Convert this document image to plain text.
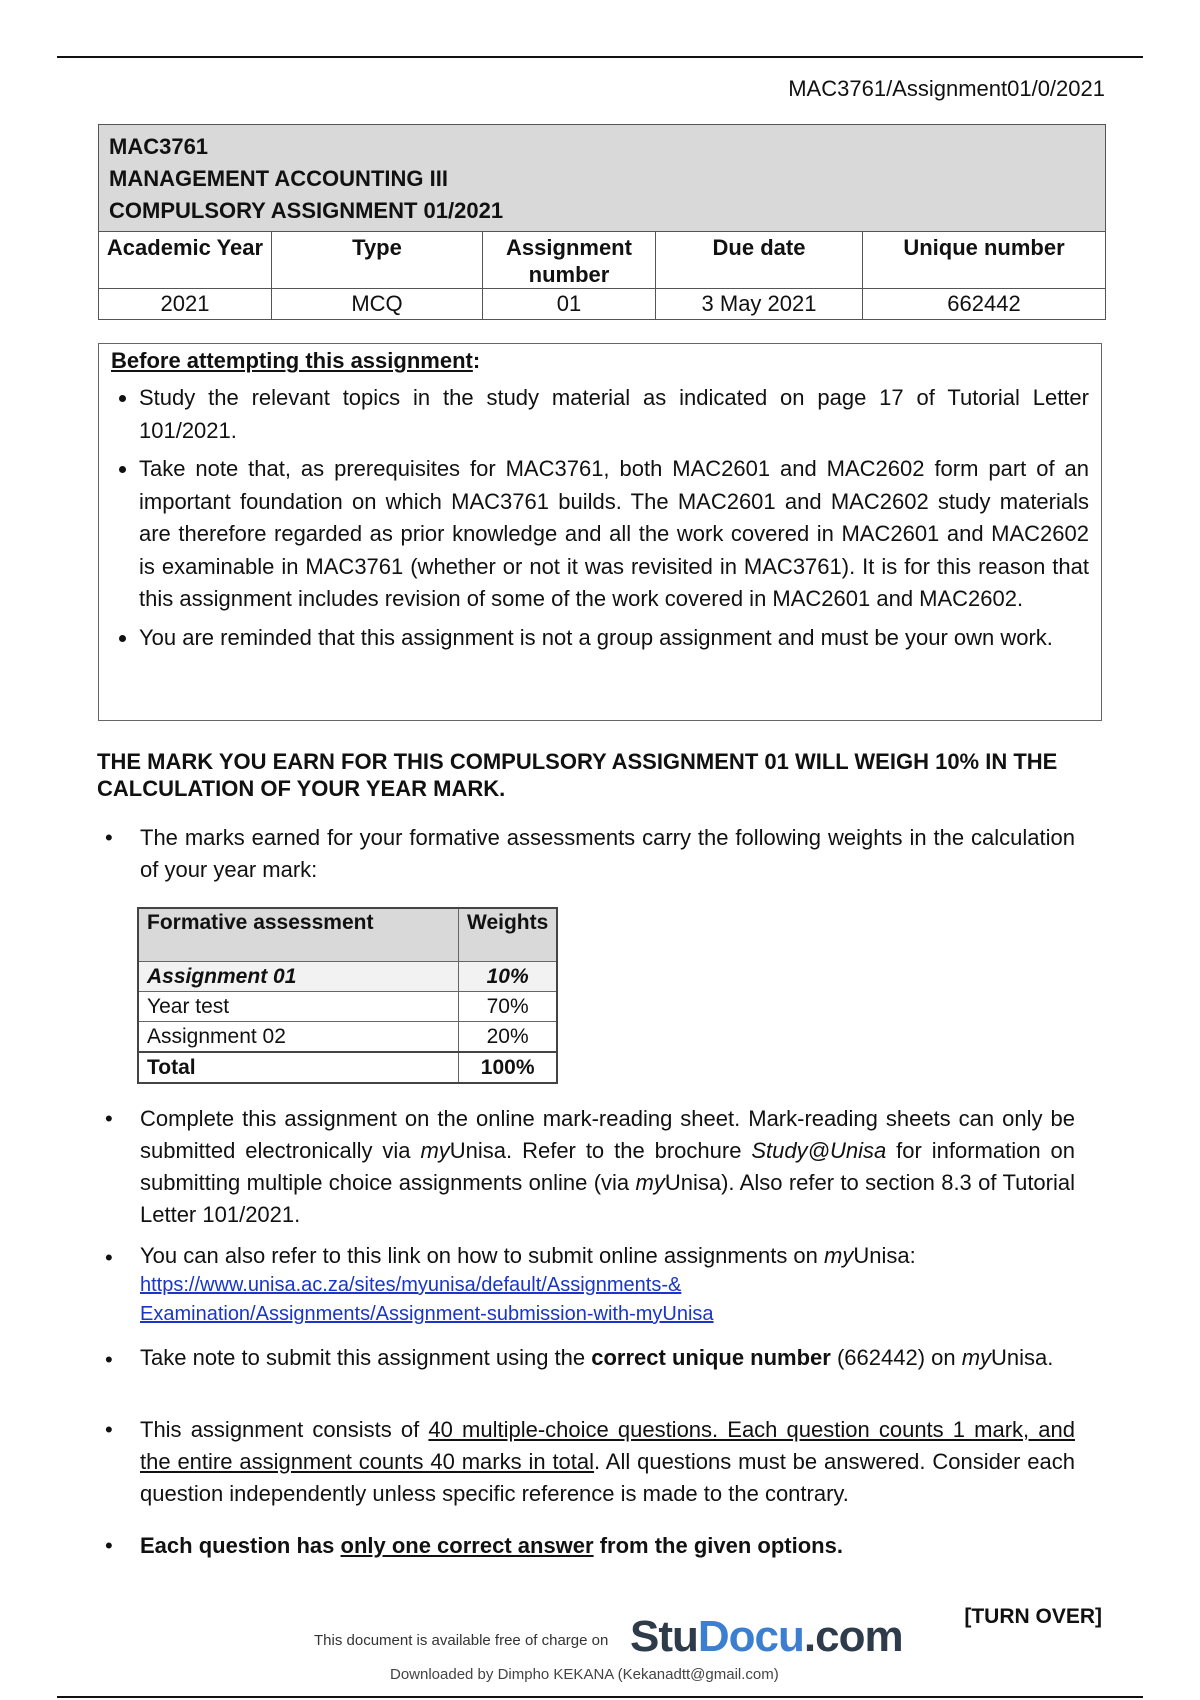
MAC3761/Assignment01/0/2021
MAC3761
MANAGEMENT ACCOUNTING III
COMPULSORY ASSIGNMENT 01/2021
Academic Year	Type	Assignment number	Due date	Unique number
2021	MCQ	01	3 May 2021	662442
Before attempting this assignment:
• Study the relevant topics in the study material as indicated on page 17 of Tutorial Letter 101/2021.
• Take note that, as prerequisites for MAC3761, both MAC2601 and MAC2602 form part of an important foundation on which MAC3761 builds. The MAC2601 and MAC2602 study materials are therefore regarded as prior knowledge and all the work covered in MAC2601 and MAC2602 is examinable in MAC3761 (whether or not it was revisited in MAC3761). It is for this reason that this assignment includes revision of some of the work covered in MAC2601 and MAC2602.
• You are reminded that this assignment is not a group assignment and must be your own work.
THE MARK YOU EARN FOR THIS COMPULSORY ASSIGNMENT 01 WILL WEIGH 10% IN THE CALCULATION OF YOUR YEAR MARK.
• The marks earned for your formative assessments carry the following weights in the calculation of your year mark:
Formative assessment	Weights
Assignment 01	10%
Year test	70%
Assignment 02	20%
Total	100%
• Complete this assignment on the online mark-reading sheet. Mark-reading sheets can only be submitted electronically via myUnisa. Refer to the brochure Study@Unisa for information on submitting multiple choice assignments online (via myUnisa). Also refer to section 8.3 of Tutorial Letter 101/2021.
• You can also refer to this link on how to submit online assignments on myUnisa:
https://www.unisa.ac.za/sites/myunisa/default/Assignments-&
Examination/Assignments/Assignment-submission-with-myUnisa
• Take note to submit this assignment using the correct unique number (662442) on myUnisa.
• This assignment consists of 40 multiple-choice questions. Each question counts 1 mark, and the entire assignment counts 40 marks in total. All questions must be answered. Consider each question independently unless specific reference is made to the contrary.
• Each question has only one correct answer from the given options.
[TURN OVER]
This document is available free of charge on StuDocu.com
Downloaded by Dimpho KEKANA (Kekanadtt@gmail.com)
